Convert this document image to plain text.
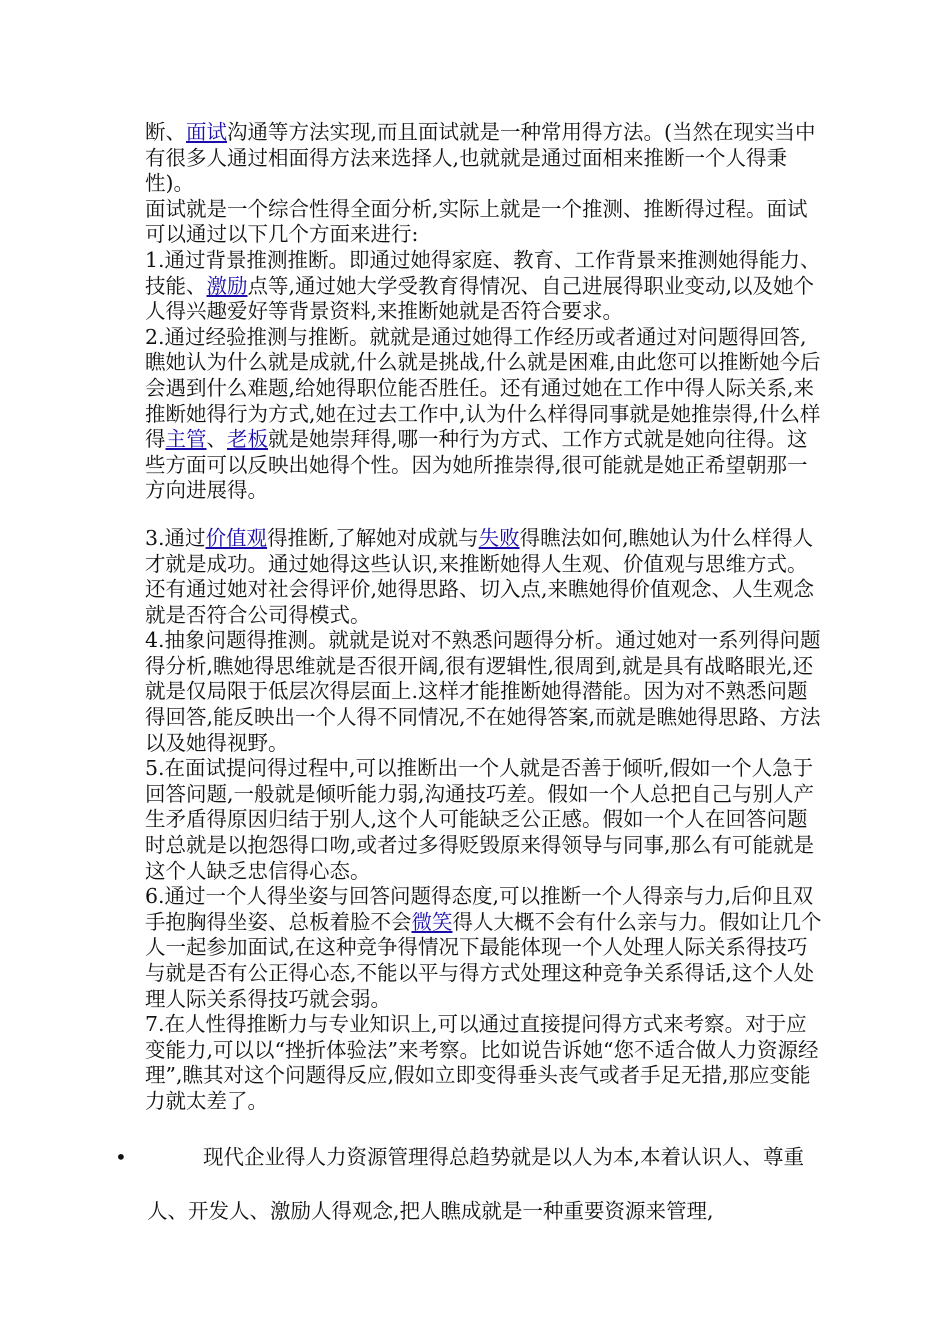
断、面试沟通等方法实现,而且面试就是一种常用得方法。(当然在现实当中有很多人通过相面得方法来选择人,也就就是通过面相来推断一个人得秉性)。

面试就是一个综合性得全面分析,实际上就是一个推测、推断得过程。面试可以通过以下几个方面来进行:

1.通过背景推测推断。即通过她得家庭、教育、工作背景来推测她得能力、技能、激励点等,通过她大学受教育得情况、自己进展得职业变动,以及她个人得兴趣爱好等背景资料,来推断她就是否符合要求。

2.通过经验推测与推断。就就是通过她得工作经历或者通过对问题得回答,瞧她认为什么就是成就,什么就是挑战,什么就是困难,由此您可以推断她今后会遇到什么难题,给她得职位能否胜任。还有通过她在工作中得人际关系,来推断她得行为方式,她在过去工作中,认为什么样得同事就是她推崇得,什么样得主管、老板就是她崇拜得,哪一种行为方式、工作方式就是她向往得。这些方面可以反映出她得个性。因为她所推崇得,很可能就是她正希望朝那一方向进展得。

3.通过价值观得推断,了解她对成就与失败得瞧法如何,瞧她认为什么样得人才就是成功。通过她得这些认识,来推断她得人生观、价值观与思维方式。还有通过她对社会得评价,她得思路、切入点,来瞧她得价值观念、人生观念就是否符合公司得模式。

4.抽象问题得推测。就就是说对不熟悉问题得分析。通过她对一系列得问题得分析,瞧她得思维就是否很开阔,很有逻辑性,很周到,就是具有战略眼光,还就是仅局限于低层次得层面上.这样才能推断她得潜能。因为对不熟悉问题得回答,能反映出一个人得不同情况,不在她得答案,而就是瞧她得思路、方法以及她得视野。

5.在面试提问得过程中,可以推断出一个人就是否善于倾听,假如一个人急于回答问题,一般就是倾听能力弱,沟通技巧差。假如一个人总把自己与别人产生矛盾得原因归结于别人,这个人可能缺乏公正感。假如一个人在回答问题时总就是以抱怨得口吻,或者过多得贬毁原来得领导与同事,那么有可能就是这个人缺乏忠信得心态。

6.通过一个人得坐姿与回答问题得态度,可以推断一个人得亲与力,后仰且双手抱胸得坐姿、总板着脸不会微笑得人大概不会有什么亲与力。假如让几个人一起参加面试,在这种竞争得情况下最能体现一个人处理人际关系得技巧与就是否有公正得心态,不能以平与得方式处理这种竞争关系得话,这个人处理人际关系得技巧就会弱。

7.在人性得推断力与专业知识上,可以通过直接提问得方式来考察。对于应变能力,可以以“挫折体验法”来考察。比如说告诉她“您不适合做人力资源经理”,瞧其对这个问题得反应,假如立即变得垂头丧气或者手足无措,那应变能力就太差了。

•	现代企业得人力资源管理得总趋势就是以人为本,本着认识人、尊重人、开发人、激励人得观念,把人瞧成就是一种重要资源来管理,
